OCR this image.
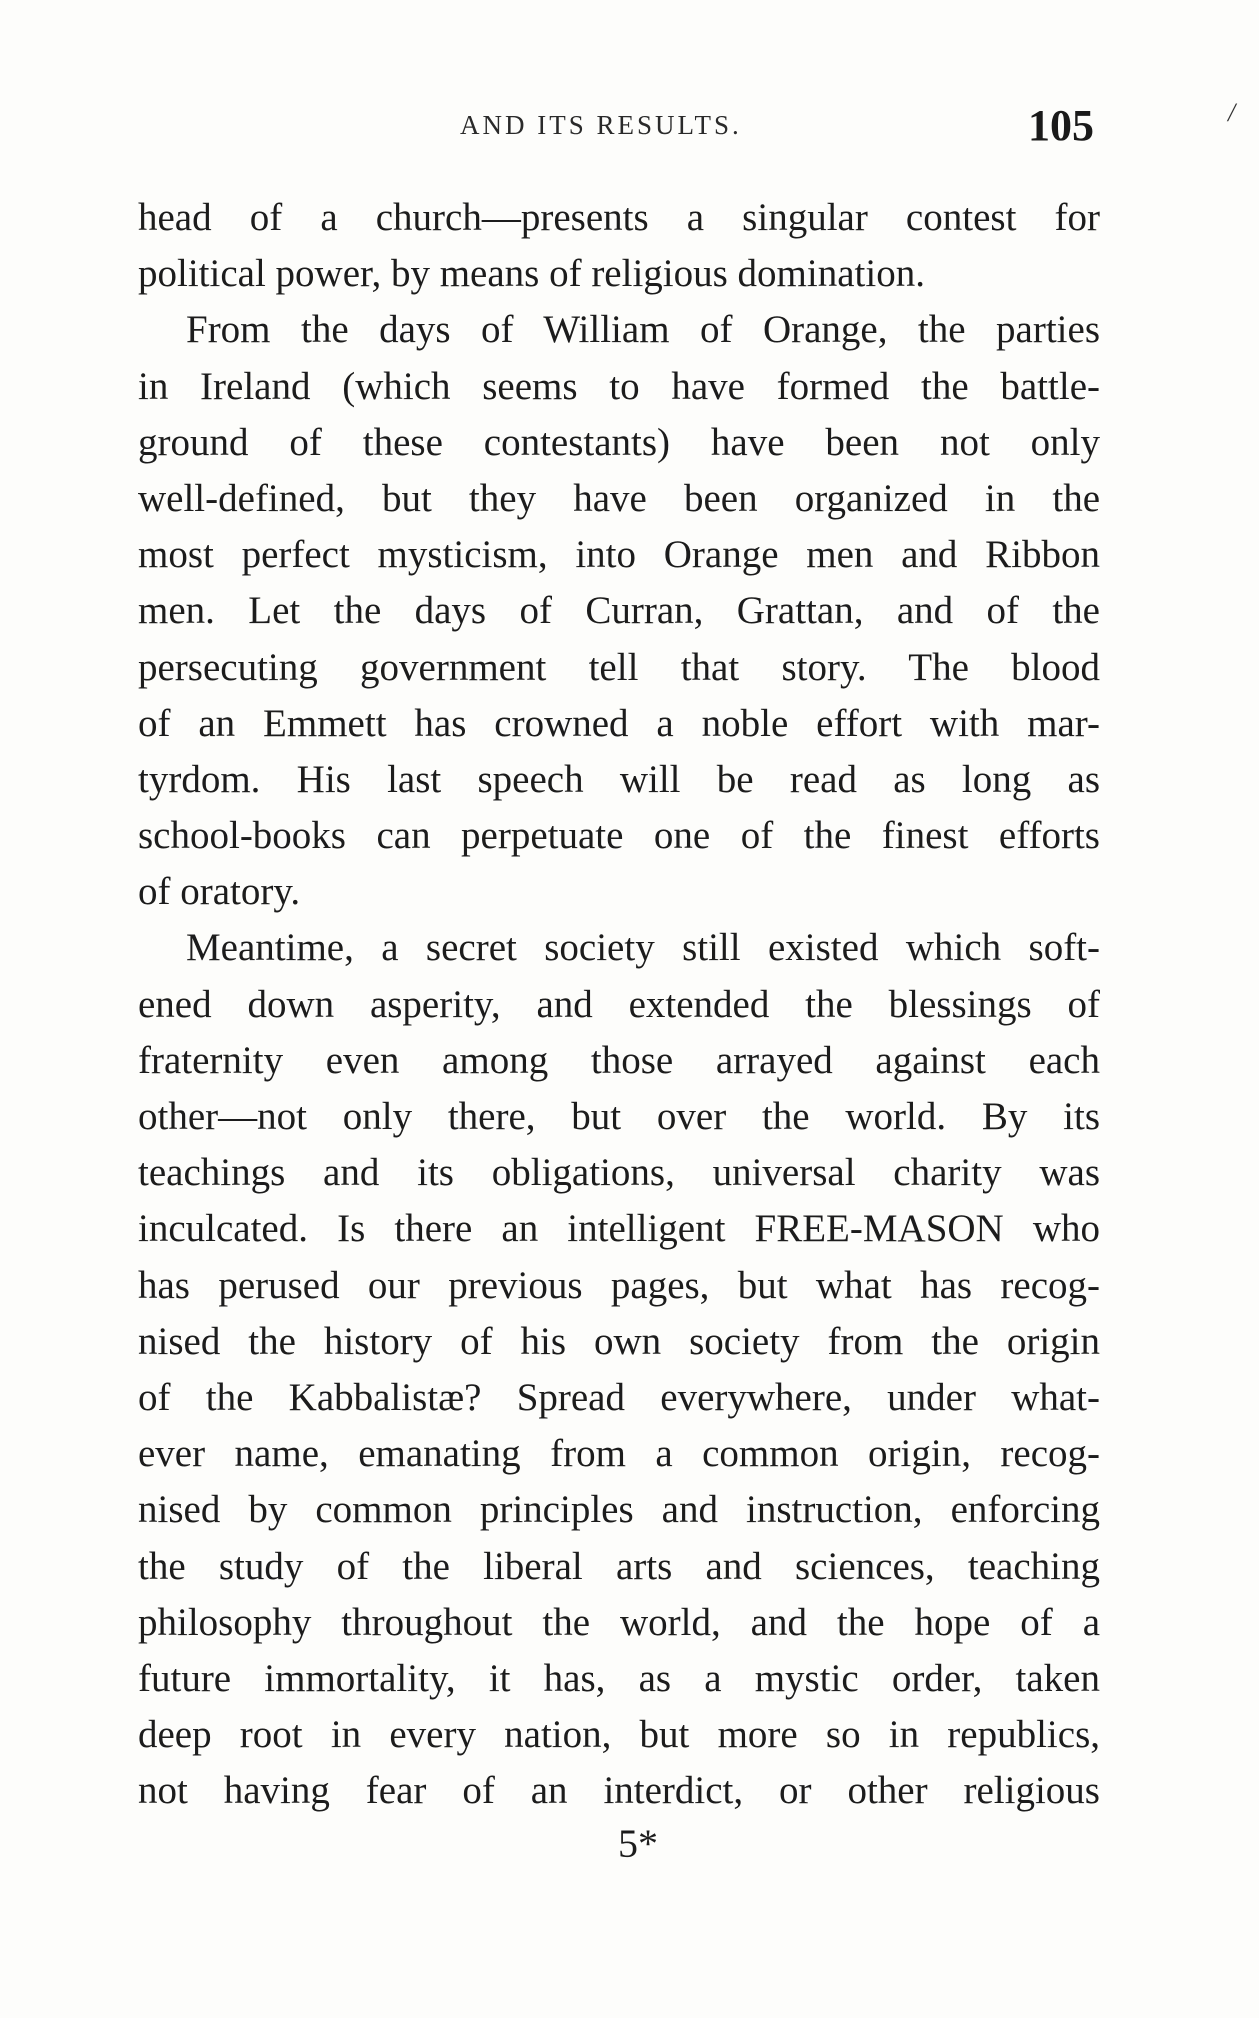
AND ITS RESULTS.	105	/
head of a church—presents a singular contest for
political power, by means of religious domination.
From the days of William of Orange, the parties
in Ireland (which seems to have formed the battle-
ground of these contestants) have been not only
well-defined, but they have been organized in the
most perfect mysticism, into Orange men and Ribbon
men. Let the days of Curran, Grattan, and of the
persecuting government tell that story. The blood
of an Emmett has crowned a noble effort with mar-
tyrdom. His last speech will be read as long as
school-books can perpetuate one of the finest efforts
of oratory.
Meantime, a secret society still existed which soft-
ened down asperity, and extended the blessings of
fraternity even among those arrayed against each
other—not only there, but over the world. By its
teachings and its obligations, universal charity was
inculcated. Is there an intelligent FREE-MASON who
has perused our previous pages, but what has recog-
nised the history of his own society from the origin
of the Kabbalistæ? Spread everywhere, under what-
ever name, emanating from a common origin, recog-
nised by common principles and instruction, enforcing
the study of the liberal arts and sciences, teaching
philosophy throughout the world, and the hope of a
future immortality, it has, as a mystic order, taken
deep root in every nation, but more so in republics,
not having fear of an interdict, or other religious
5*
